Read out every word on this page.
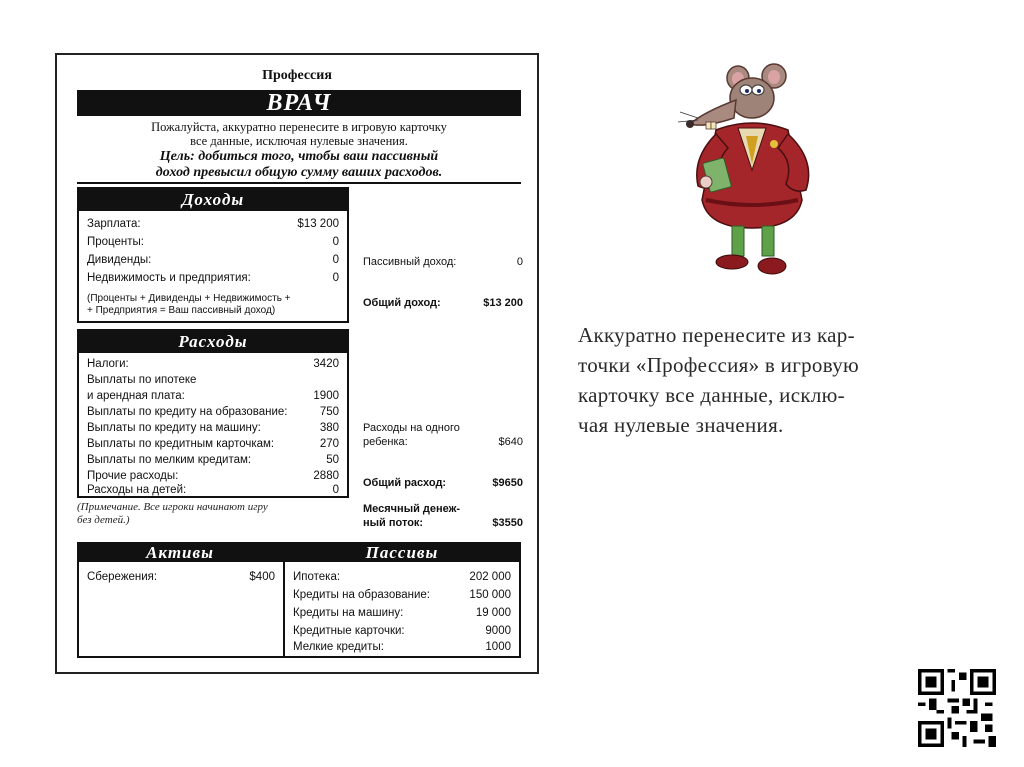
Профессия
ВРАЧ
Пожалуйста, аккуратно перенесите в игровую карточку
все данные, исключая нулевые значения.
Цель: добиться того, чтобы ваш пассивный
доход превысил общую сумму ваших расходов.
Доходы
Зарплата:	$13 200
Проценты:	0
Дивиденды:	0
Недвижимость и предприятия:	0
(Проценты + Дивиденды + Недвижимость +
+ Предприятия = Ваш пассивный доход)
Пассивный доход:	0
Общий доход:	$13 200
Расходы
Налоги:	3420
Выплаты по ипотеке
и арендная плата:	1900
Выплаты по кредиту на образование:	750
Выплаты по кредиту на машину:	380
Выплаты по кредитным карточкам:	270
Выплаты по мелким кредитам:	50
Прочие расходы:	2880
Расходы на детей:	0
(Примечание. Все игроки начинают игру
без детей.)
Расходы на одного
ребенка:	$640
Общий расход:	$9650
Месячный денеж-
ный поток:	$3550
Активы	Пассивы
Сбережения:	$400 Ипотека:	202 000
Кредиты на образование:	150 000
Кредиты на машину:	19 000
Кредитные карточки:	9000
Мелкие кредиты:	1000
Аккуратно перенесите из кар-
точки «Профессия» в игровую
карточку все данные, исклю-
чая нулевые значения.
